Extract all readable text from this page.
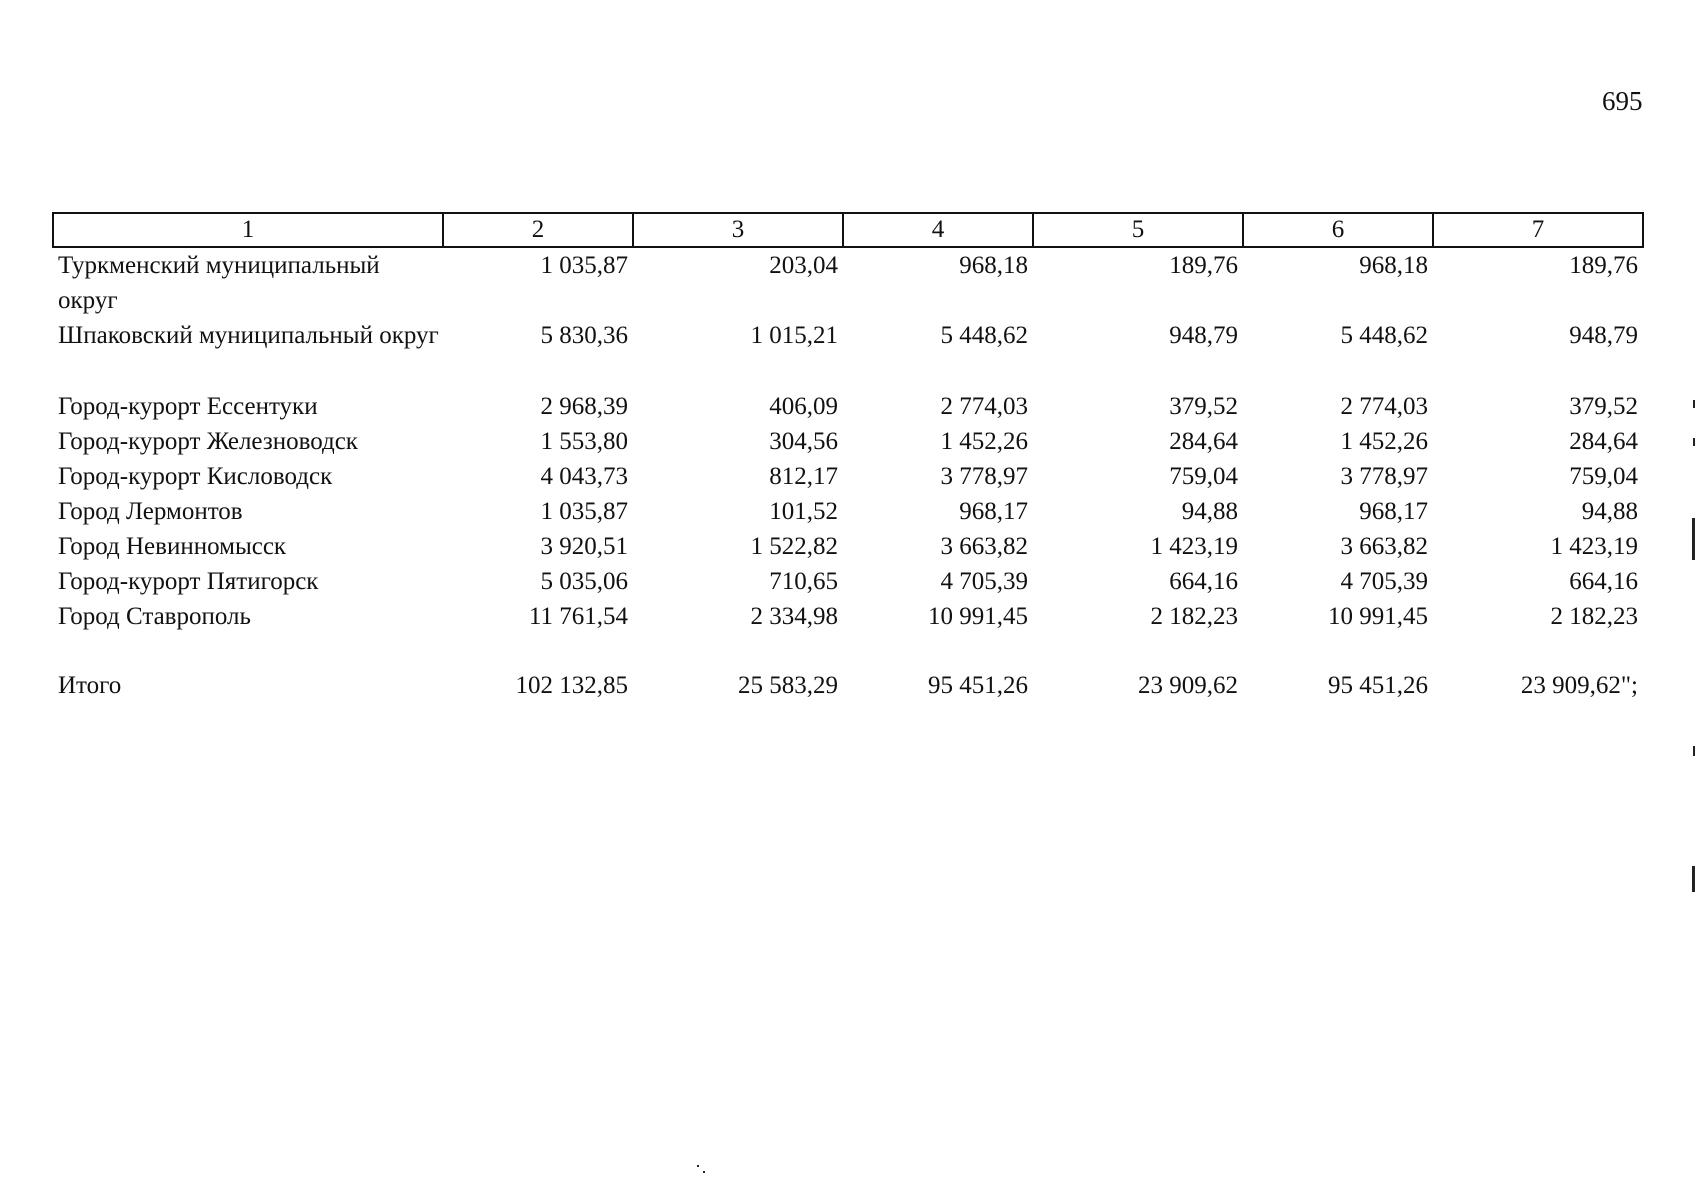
695
1	2	3	4	5	6	7
Туркменский муниципальный округ	1 035,87	203,04	968,18	189,76	968,18	189,76
Шпаковский муниципальный округ	5 830,36	1 015,21	5 448,62	948,79	5 448,62	948,79

Город-курорт Ессентуки	2 968,39	406,09	2 774,03	379,52	2 774,03	379,52
Город-курорт Железноводск	1 553,80	304,56	1 452,26	284,64	1 452,26	284,64
Город-курорт Кисловодск	4 043,73	812,17	3 778,97	759,04	3 778,97	759,04
Город Лермонтов	1 035,87	101,52	968,17	94,88	968,17	94,88
Город Невинномысск	3 920,51	1 522,82	3 663,82	1 423,19	3 663,82	1 423,19
Город-курорт Пятигорск	5 035,06	710,65	4 705,39	664,16	4 705,39	664,16
Город Ставрополь	11 761,54	2 334,98	10 991,45	2 182,23	10 991,45	2 182,23
Итого	102 132,85	25 583,29	95 451,26	23 909,62	95 451,26	23 909,62";
